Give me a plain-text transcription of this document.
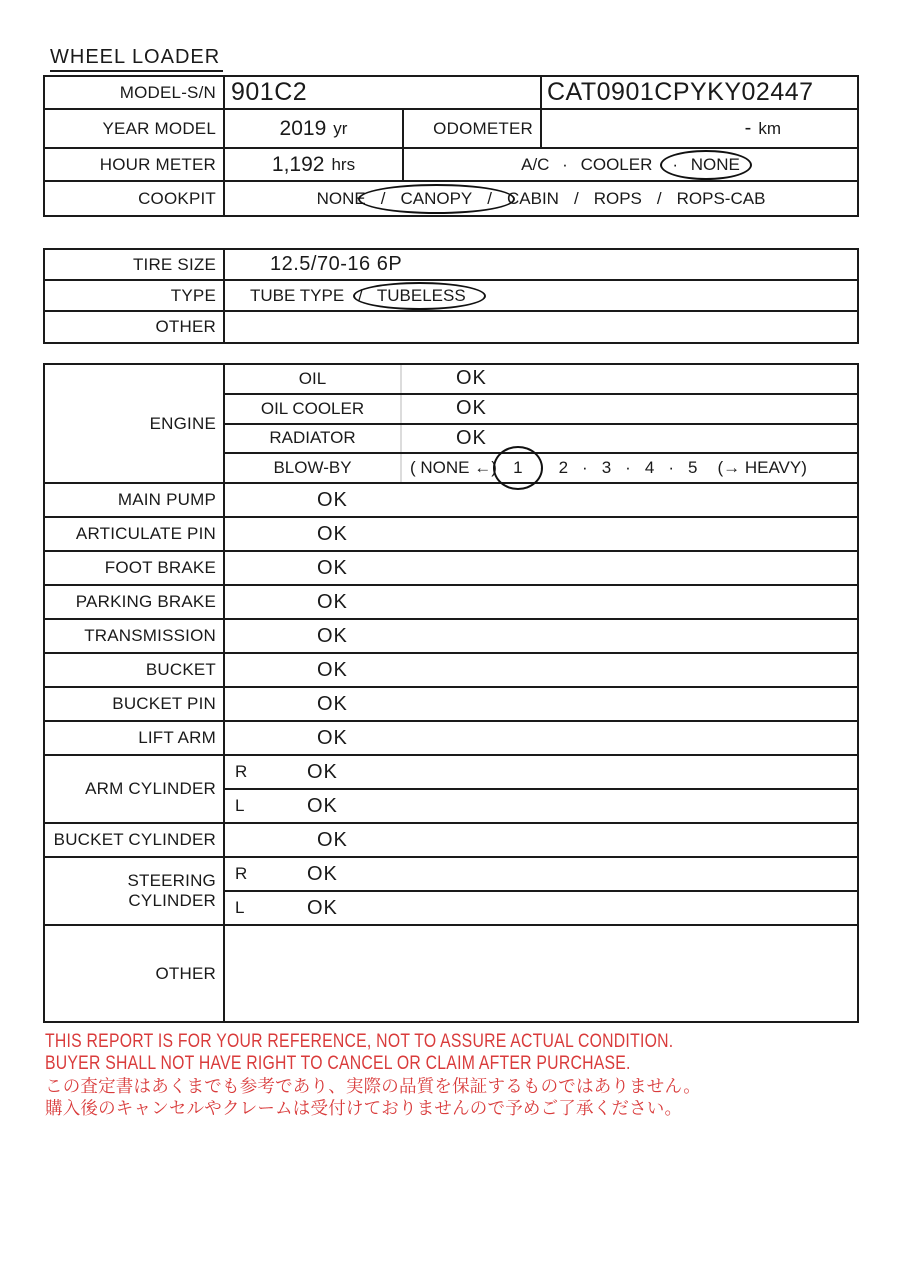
WHEEL LOADER
MODEL-S/N 901C2	CAT0901CPYKY02447
YEAR MODEL	2019 yr	ODOMETER	- km
HOUR METER	1,192 hrs	A/C · COOLER · NONE
COOKPIT	NONE / CANOPY / CABIN / ROPS / ROPS-CAB
TIRE SIZE	12.5/70-16 6P
TYPE	TUBE TYPE / TUBELESS
OTHER
ENGINE
OIL	OK
OIL COOLER	OK
RADIATOR	OK
BLOW-BY	( NONE ←) 1 · 2 · 3 · 4 · 5 (→ HEAVY)
MAIN PUMP	OK
ARTICULATE PIN	OK
FOOT BRAKE	OK
PARKING BRAKE	OK
TRANSMISSION	OK
BUCKET	OK
BUCKET PIN	OK
LIFT ARM	OK
ARM CYLINDER
R	OK
L	OK
BUCKET CYLINDER	OK
STEERING CYLINDER
R	OK
L	OK
OTHER
THIS REPORT IS FOR YOUR REFERENCE, NOT TO ASSURE ACTUAL CONDITION.
BUYER SHALL NOT HAVE RIGHT TO CANCEL OR CLAIM AFTER PURCHASE.
この査定書はあくまでも参考であり、実際の品質を保証するものではありません。
購入後のキャンセルやクレームは受付けておりませんので予めご了承ください。
